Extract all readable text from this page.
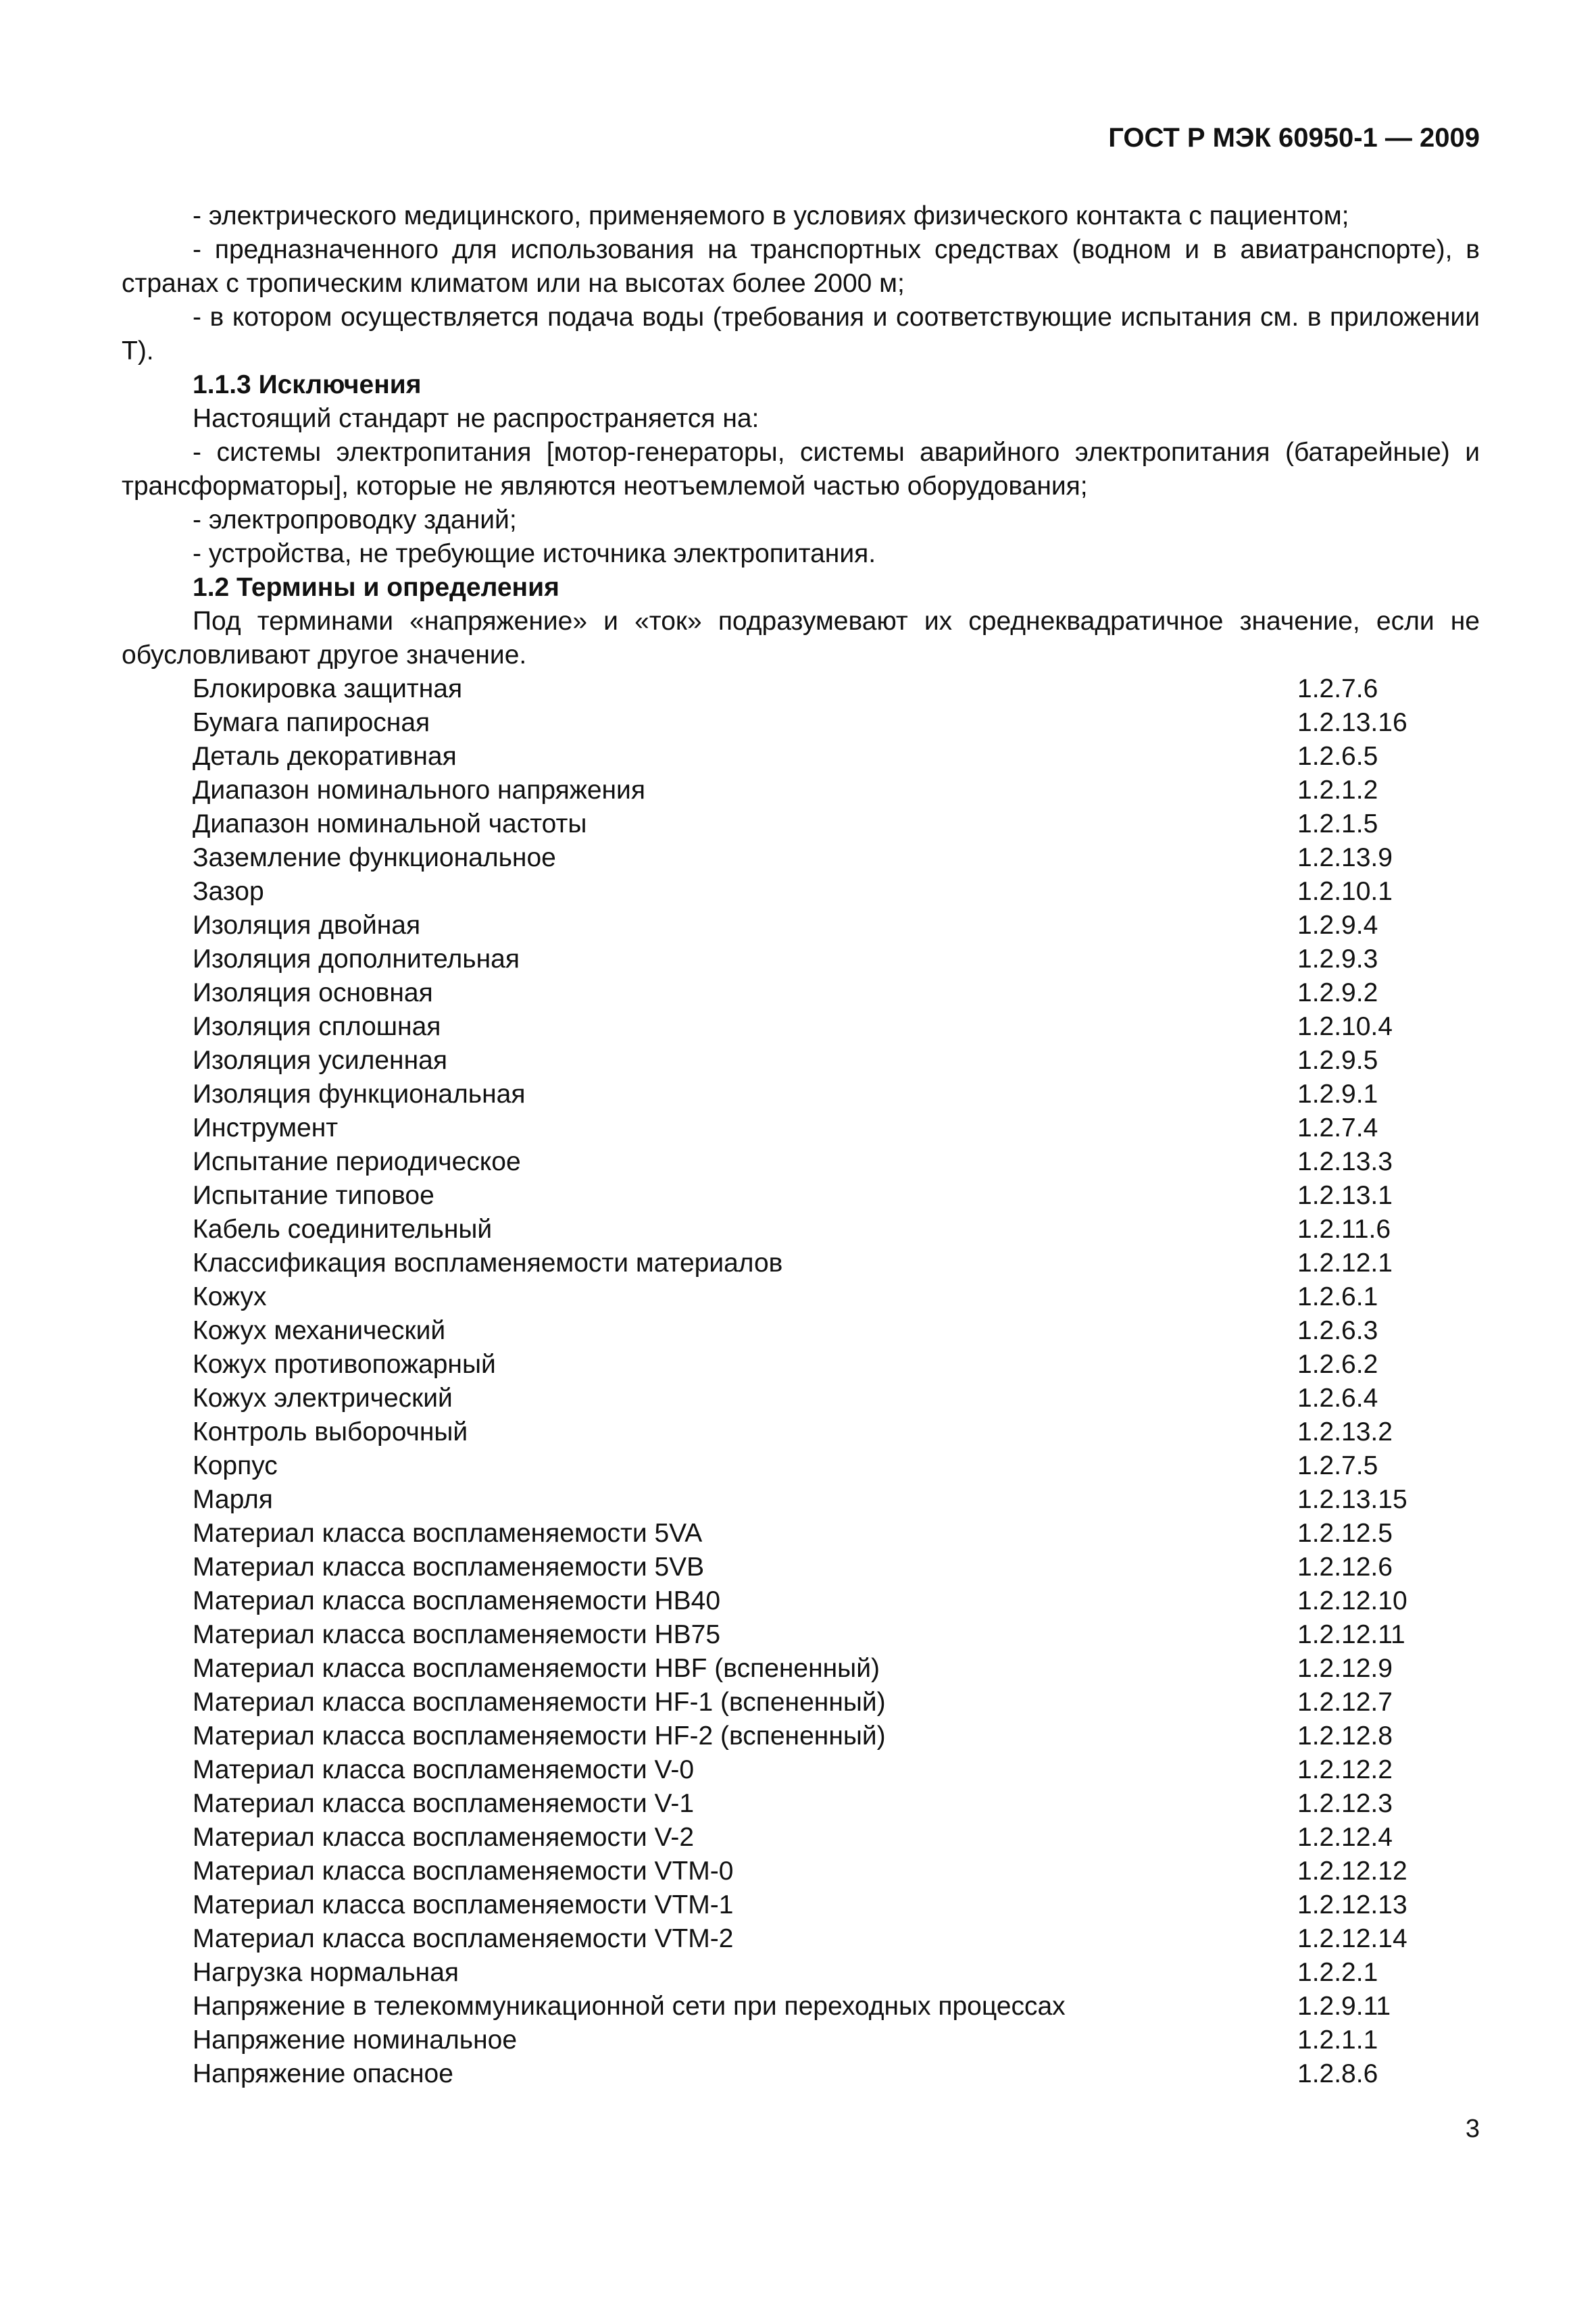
ГОСТ Р МЭК 60950-1 — 2009

- электрического медицинского, применяемого в условиях физического контакта с пациентом;

- предназначенного для использования на транспортных средствах (водном и в авиатранспорте), в странах с тропическим климатом или на высотах более 2000 м;

- в котором осуществляется подача воды (требования и соответствующие испытания см. в приложении Т).

1.1.3 Исключения

Настоящий стандарт не распространяется на:

- системы электропитания [мотор-генераторы, системы аварийного электропитания (батарейные) и трансформаторы], которые не являются неотъемлемой частью оборудования;

- электропроводку зданий;

- устройства, не требующие источника электропитания.

1.2 Термины и определения

Под терминами «напряжение» и «ток» подразумевают их среднеквадратичное значение, если не обусловливают другое значение.

Блокировка защитная	1.2.7.6
Бумага папиросная	1.2.13.16
Деталь декоративная	1.2.6.5
Диапазон номинального напряжения	1.2.1.2
Диапазон номинальной частоты	1.2.1.5
Заземление функциональное	1.2.13.9
Зазор	1.2.10.1
Изоляция двойная	1.2.9.4
Изоляция дополнительная	1.2.9.3
Изоляция основная	1.2.9.2
Изоляция сплошная	1.2.10.4
Изоляция усиленная	1.2.9.5
Изоляция функциональная	1.2.9.1
Инструмент	1.2.7.4
Испытание периодическое	1.2.13.3
Испытание типовое	1.2.13.1
Кабель соединительный	1.2.11.6
Классификация воспламеняемости материалов	1.2.12.1
Кожух	1.2.6.1
Кожух механический	1.2.6.3
Кожух противопожарный	1.2.6.2
Кожух электрический	1.2.6.4
Контроль выборочный	1.2.13.2
Корпус	1.2.7.5
Марля	1.2.13.15
Материал класса воспламеняемости 5VA	1.2.12.5
Материал класса воспламеняемости 5VB	1.2.12.6
Материал класса воспламеняемости НВ40	1.2.12.10
Материал класса воспламеняемости НВ75	1.2.12.11
Материал класса воспламеняемости HBF (вспененный)	1.2.12.9
Материал класса воспламеняемости HF-1 (вспененный)	1.2.12.7
Материал класса воспламеняемости HF-2 (вспененный)	1.2.12.8
Материал класса воспламеняемости V-0	1.2.12.2
Материал класса воспламеняемости V-1	1.2.12.3
Материал класса воспламеняемости V-2	1.2.12.4
Материал класса воспламеняемости VTM-0	1.2.12.12
Материал класса воспламеняемости VTM-1	1.2.12.13
Материал класса воспламеняемости VTM-2	1.2.12.14
Нагрузка нормальная	1.2.2.1
Напряжение в телекоммуникационной сети при переходных процессах	1.2.9.11
Напряжение номинальное	1.2.1.1
Напряжение опасное	1.2.8.6
3
